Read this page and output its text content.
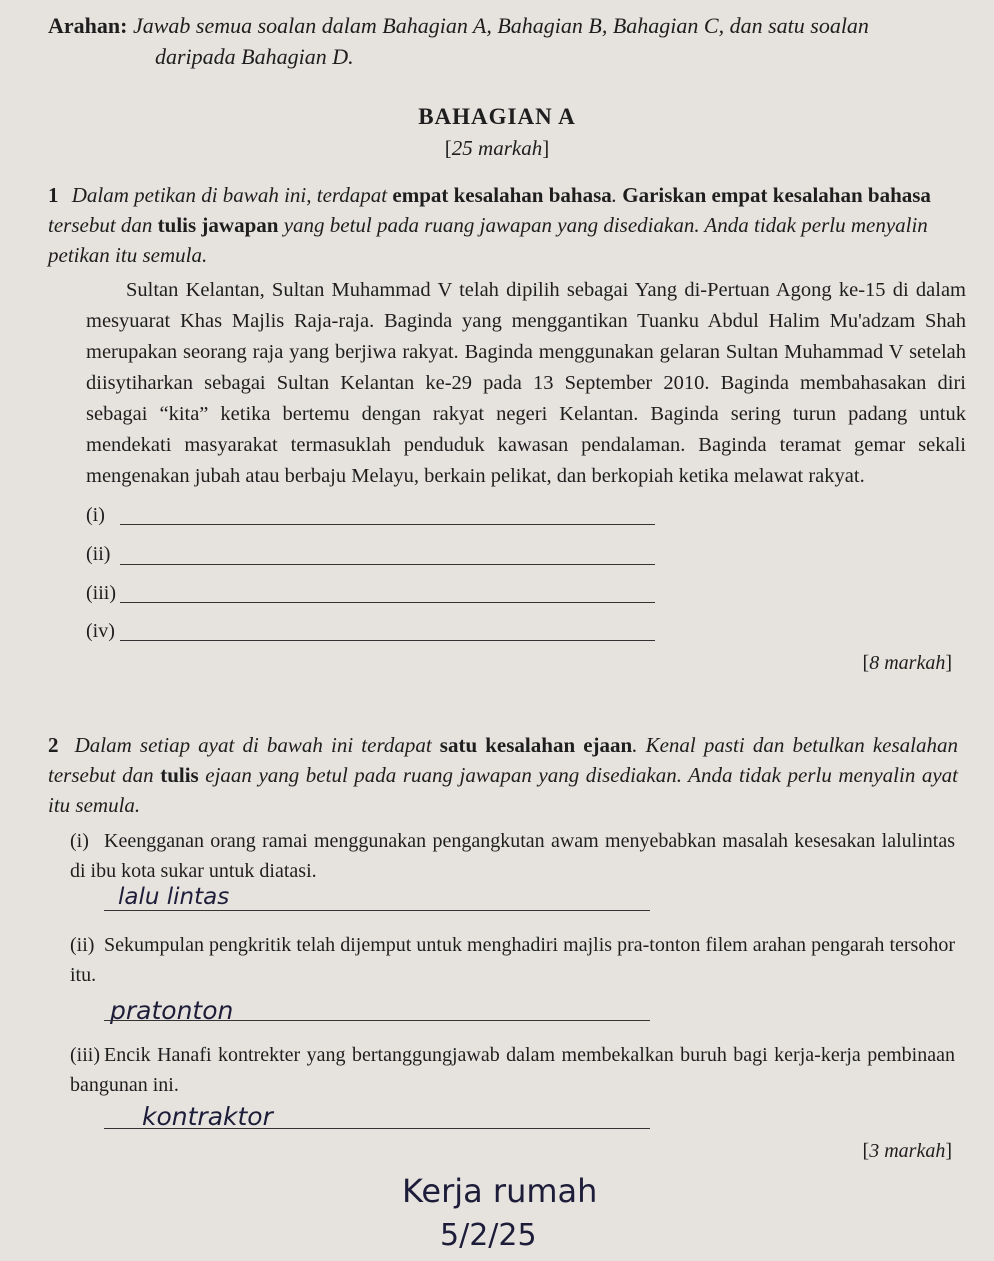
Arahan: Jawab semua soalan dalam Bahagian A, Bahagian B, Bahagian C, dan satu soalan
daripada Bahagian D.
BAHAGIAN A
[25 markah]
1 Dalam petikan di bawah ini, terdapat empat kesalahan bahasa. Gariskan empat kesalahan bahasa tersebut dan tulis jawapan yang betul pada ruang jawapan yang disediakan. Anda tidak perlu menyalin petikan itu semula.

Sultan Kelantan, Sultan Muhammad V telah dipilih sebagai Yang di-Pertuan Agong ke-15 di dalam mesyuarat Khas Majlis Raja-raja. Baginda yang menggantikan Tuanku Abdul Halim Mu'adzam Shah merupakan seorang raja yang berjiwa rakyat. Baginda menggunakan gelaran Sultan Muhammad V setelah diisytiharkan sebagai Sultan Kelantan ke-29 pada 13 September 2010. Baginda membahasakan diri sebagai “kita” ketika bertemu dengan rakyat negeri Kelantan. Baginda sering turun padang untuk mendekati masyarakat termasuklah penduduk kawasan pendalaman. Baginda teramat gemar sekali mengenakan jubah atau berbaju Melayu, berkain pelikat, dan berkopiah ketika melawat rakyat.

(i)
(ii)
(iii)
(iv)
[8 markah]
2 Dalam setiap ayat di bawah ini terdapat satu kesalahan ejaan. Kenal pasti dan betulkan kesalahan tersebut dan tulis ejaan yang betul pada ruang jawapan yang disediakan. Anda tidak perlu menyalin ayat itu semula.
(i) Keengganan orang ramai menggunakan pengangkutan awam menyebabkan masalah kesesakan lalulintas di ibu kota sukar untuk diatasi.
lalu lintas
(ii) Sekumpulan pengkritik telah dijemput untuk menghadiri majlis pra-tonton filem arahan pengarah tersohor itu.
pratonton
(iii) Encik Hanafi kontrekter yang bertanggungjawab dalam membekalkan buruh bagi kerja-kerja pembinaan bangunan ini.
kontraktor
[3 markah]
Kerja rumah
5/2/25
